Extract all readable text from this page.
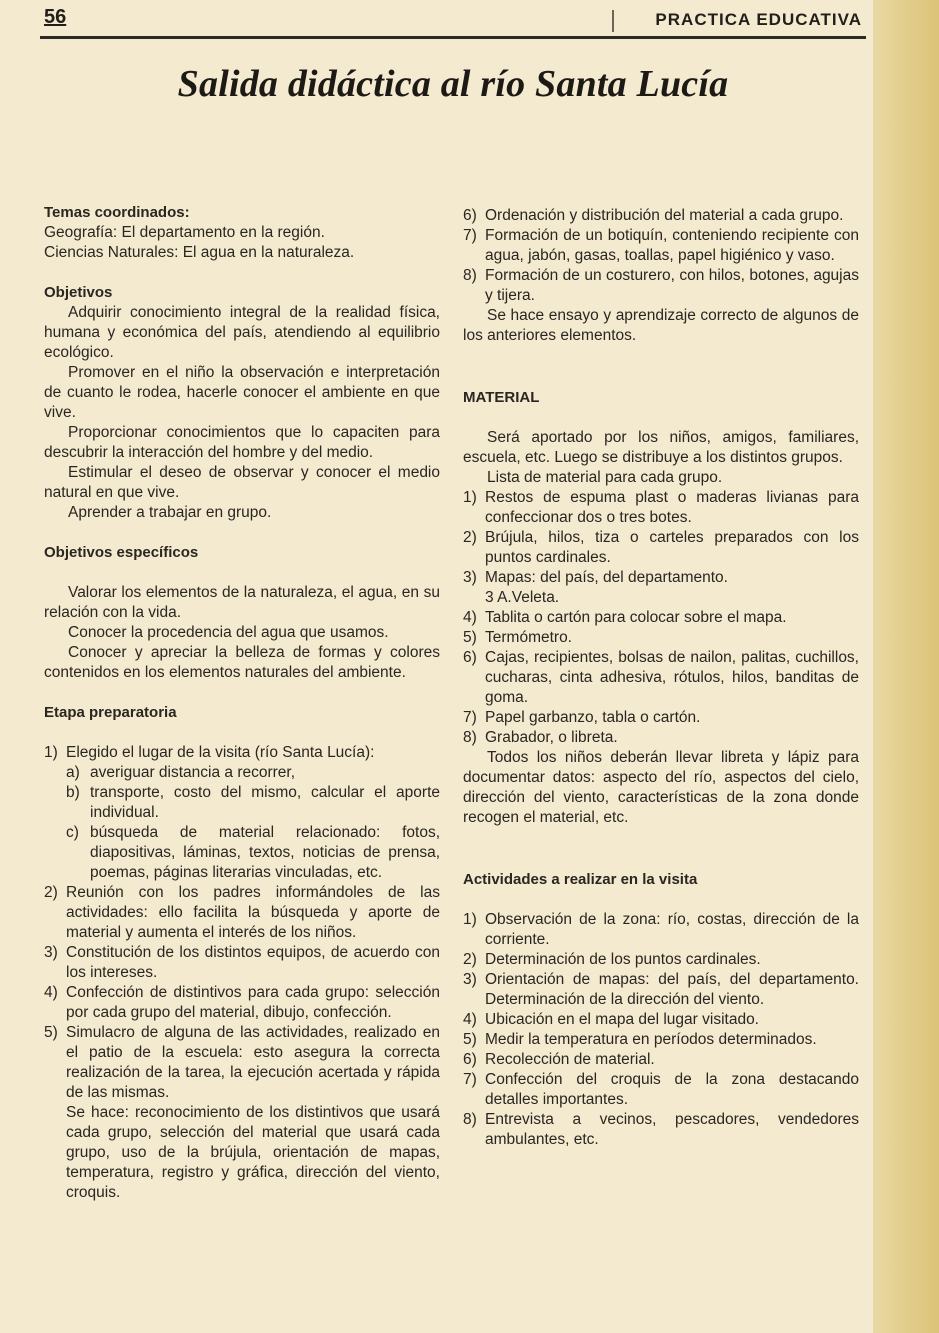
56	PRACTICA EDUCATIVA
Salida didáctica al río Santa Lucía

Temas coordinados:

Geografía: El departamento en la región.

Ciencias Naturales: El agua en la naturaleza.

Objetivos

Adquirir conocimiento integral de la realidad física, humana y económica del país, atendiendo al equilibrio ecológico.

Promover en el niño la observación e interpretación de cuanto le rodea, hacerle conocer el ambiente en que vive.

Proporcionar conocimientos que lo capaciten para descubrir la interacción del hombre y del medio.

Estimular el deseo de observar y conocer el medio natural en que vive.

Aprender a trabajar en grupo.

Objetivos específicos

Valorar los elementos de la naturaleza, el agua, en su relación con la vida.

Conocer la procedencia del agua que usamos.

Conocer y apreciar la belleza de formas y colores contenidos en los elementos naturales del ambiente.

Etapa preparatoria

1) Elegido el lugar de la visita (río Santa Lucía):
a) averiguar distancia a recorrer,
b) transporte, costo del mismo, calcular el aporte individual.
c) búsqueda de material relacionado: fotos, diapositivas, láminas, textos, noticias de prensa, poemas, páginas literarias vinculadas, etc.
2) Reunión con los padres informándoles de las actividades: ello facilita la búsqueda y aporte de material y aumenta el interés de los niños.
3) Constitución de los distintos equipos, de acuerdo con los intereses.
4) Confección de distintivos para cada grupo: selección por cada grupo del material, dibujo, confección.
5) Simulacro de alguna de las actividades, realizado en el patio de la escuela: esto asegura la correcta realización de la tarea, la ejecución acertada y rápida de las mismas.

Se hace: reconocimiento de los distintivos que usará cada grupo, selección del material que usará cada grupo, uso de la brújula, orientación de mapas, temperatura, registro y gráfica, dirección del viento, croquis.

6) Ordenación y distribución del material a cada grupo.
7) Formación de un botiquín, conteniendo recipiente con agua, jabón, gasas, toallas, papel higiénico y vaso.
8) Formación de un costurero, con hilos, botones, agujas y tijera.

Se hace ensayo y aprendizaje correcto de algunos de los anteriores elementos.

MATERIAL

Será aportado por los niños, amigos, familiares, escuela, etc. Luego se distribuye a los distintos grupos.

Lista de material para cada grupo.

1) Restos de espuma plast o maderas livianas para confeccionar dos o tres botes.
2) Brújula, hilos, tiza o carteles preparados con los puntos cardinales.
3) Mapas: del país, del departamento.
3 A.Veleta.
4) Tablita o cartón para colocar sobre el mapa.
5) Termómetro.
6) Cajas, recipientes, bolsas de nailon, palitas, cuchillos, cucharas, cinta adhesiva, rótulos, hilos, banditas de goma.
7) Papel garbanzo, tabla o cartón.
8) Grabador, o libreta.

Todos los niños deberán llevar libreta y lápiz para documentar datos: aspecto del río, aspectos del cielo, dirección del viento, características de la zona donde recogen el material, etc.

Actividades a realizar en la visita

1) Observación de la zona: río, costas, dirección de la corriente.
2) Determinación de los puntos cardinales.
3) Orientación de mapas: del país, del departamento. Determinación de la dirección del viento.
4) Ubicación en el mapa del lugar visitado.
5) Medir la temperatura en períodos determinados.
6) Recolección de material.
7) Confección del croquis de la zona destacando detalles importantes.
8) Entrevista a vecinos, pescadores, vendedores ambulantes, etc.
